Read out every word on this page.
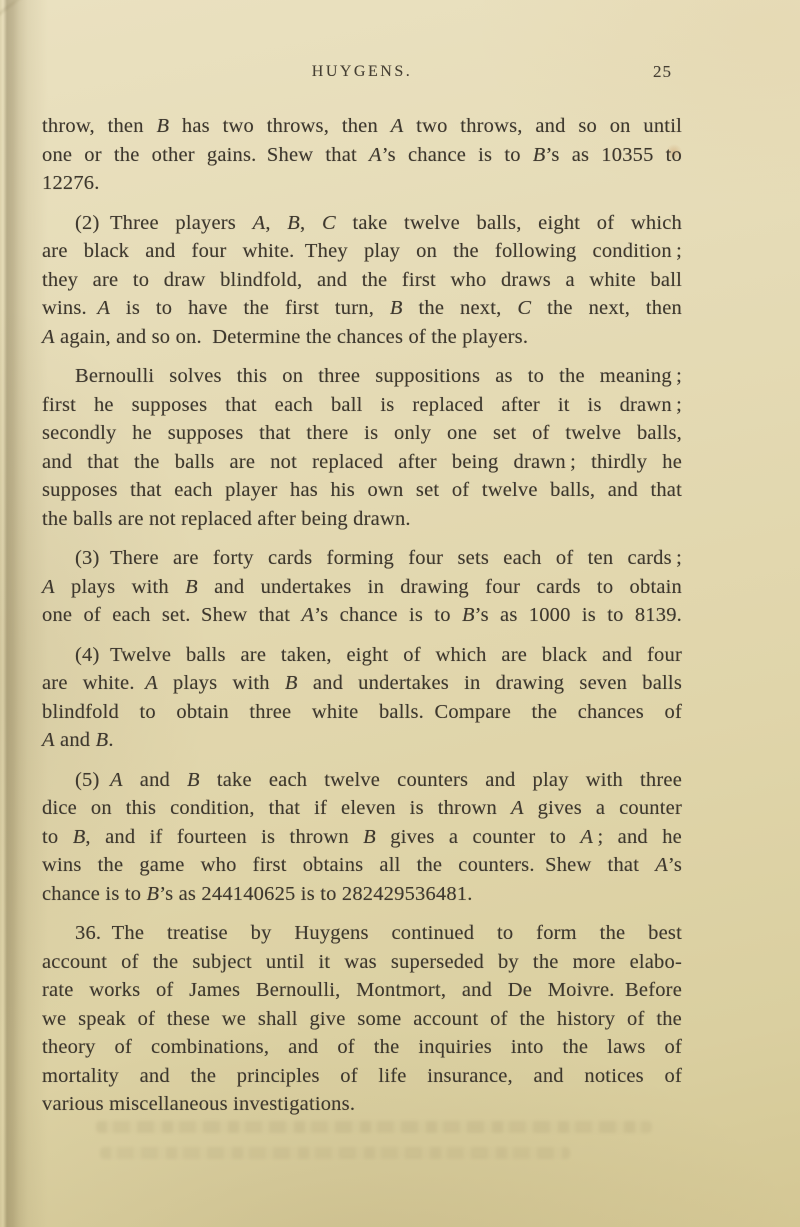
HUYGENS.	25
throw, then B has two throws, then A two throws, and so on until
one or the other gains. Shew that A’s chance is to B’s as 10355 to
12276.
(2) Three players A, B, C take twelve balls, eight of which
are black and four white. They play on the following condition ;
they are to draw blindfold, and the first who draws a white ball
wins. A is to have the first turn, B the next, C the next, then
A again, and so on. Determine the chances of the players.
Bernoulli solves this on three suppositions as to the meaning ;
first he supposes that each ball is replaced after it is drawn ;
secondly he supposes that there is only one set of twelve balls,
and that the balls are not replaced after being drawn ; thirdly he
supposes that each player has his own set of twelve balls, and that
the balls are not replaced after being drawn.
(3) There are forty cards forming four sets each of ten cards ;
A plays with B and undertakes in drawing four cards to obtain
one of each set. Shew that A’s chance is to B’s as 1000 is to 8139.
(4) Twelve balls are taken, eight of which are black and four
are white. A plays with B and undertakes in drawing seven balls
blindfold to obtain three white balls. Compare the chances of
A and B.
(5) A and B take each twelve counters and play with three
dice on this condition, that if eleven is thrown A gives a counter
to B, and if fourteen is thrown B gives a counter to A ; and he
wins the game who first obtains all the counters. Shew that A’s
chance is to B’s as 244140625 is to 282429536481.
36. The treatise by Huygens continued to form the best
account of the subject until it was superseded by the more elabo-
rate works of James Bernoulli, Montmort, and De Moivre. Before
we speak of these we shall give some account of the history of the
theory of combinations, and of the inquiries into the laws of
mortality and the principles of life insurance, and notices of
various miscellaneous investigations.
